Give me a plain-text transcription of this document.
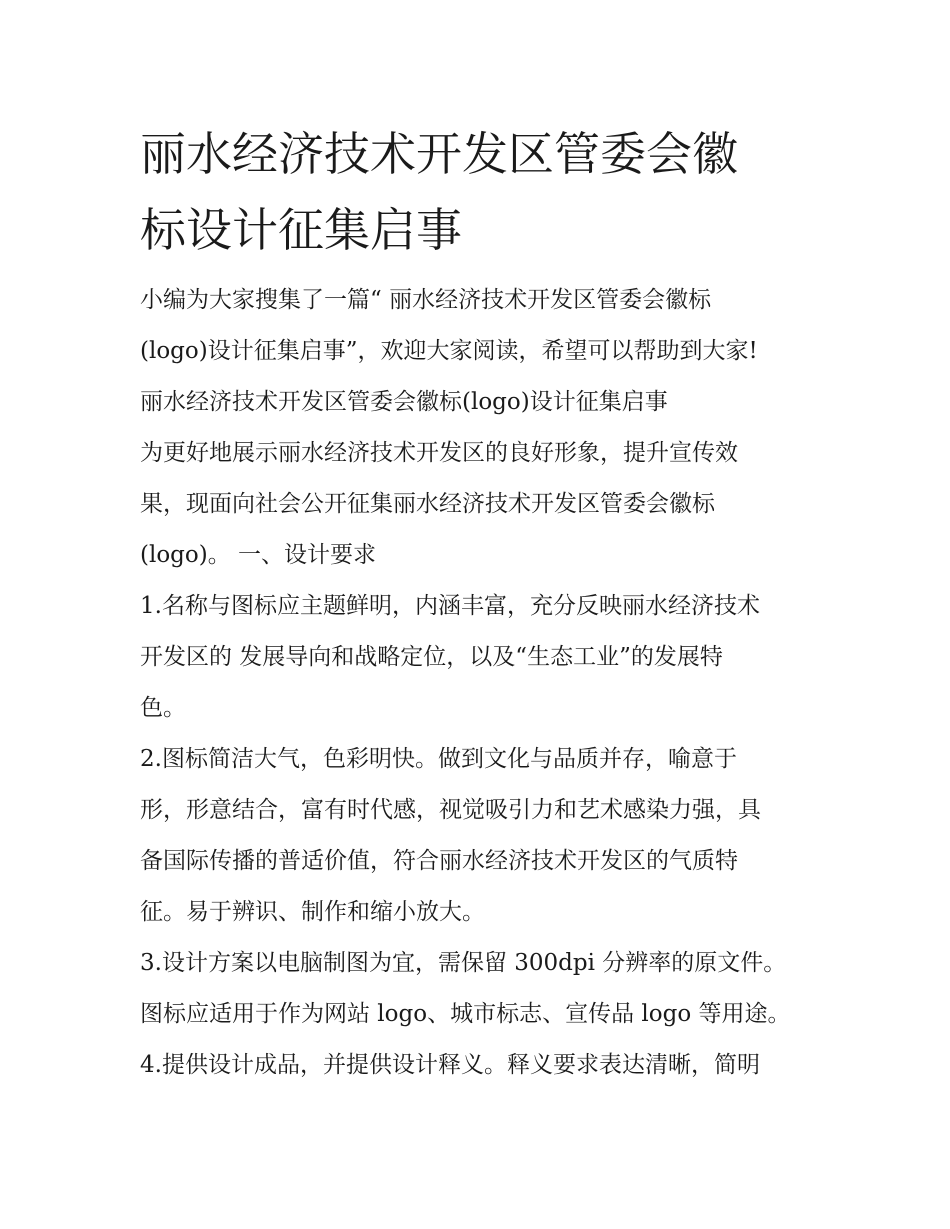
丽水经济技术开发区管委会徽
标设计征集启事
小编为大家搜集了一篇“ 丽水经济技术开发区管委会徽标
(logo)设计征集启事”，欢迎大家阅读，希望可以帮助到大家!
丽水经济技术开发区管委会徽标(logo)设计征集启事
为更好地展示丽水经济技术开发区的良好形象，提升宣传效
果，现面向社会公开征集丽水经济技术开发区管委会徽标
(logo)。 一、设计要求
1.名称与图标应主题鲜明，内涵丰富，充分反映丽水经济技术
开发区的 发展导向和战略定位，以及“生态工业”的发展特
色。
2.图标简洁大气，色彩明快。做到文化与品质并存，喻意于
形，形意结合，富有时代感，视觉吸引力和艺术感染力强，具
备国际传播的普适价值，符合丽水经济技术开发区的气质特
征。易于辨识、制作和缩小放大。
3.设计方案以电脑制图为宜，需保留 300dpi 分辨率的原文件。
图标应适用于作为网站 logo、城市标志、宣传品 logo 等用途。
4.提供设计成品，并提供设计释义。释义要求表达清晰，简明
